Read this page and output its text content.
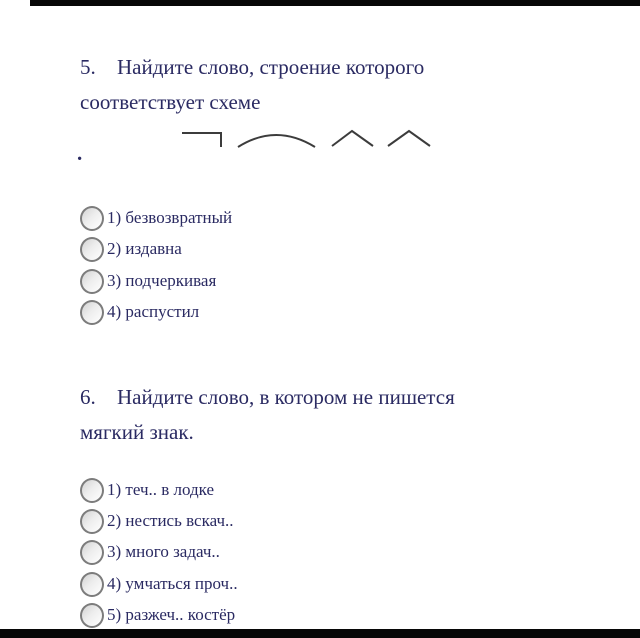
5. Найдите слово, строение которого
соответствует схеме
.
1) безвозвратный
2) издавна
3) подчеркивая
4) распустил
6. Найдите слово, в котором не пишется
мягкий знак.
1) теч.. в лодке
2) нестись вскач..
3) много задач..
4) умчаться проч..
5) разжеч.. костёр
